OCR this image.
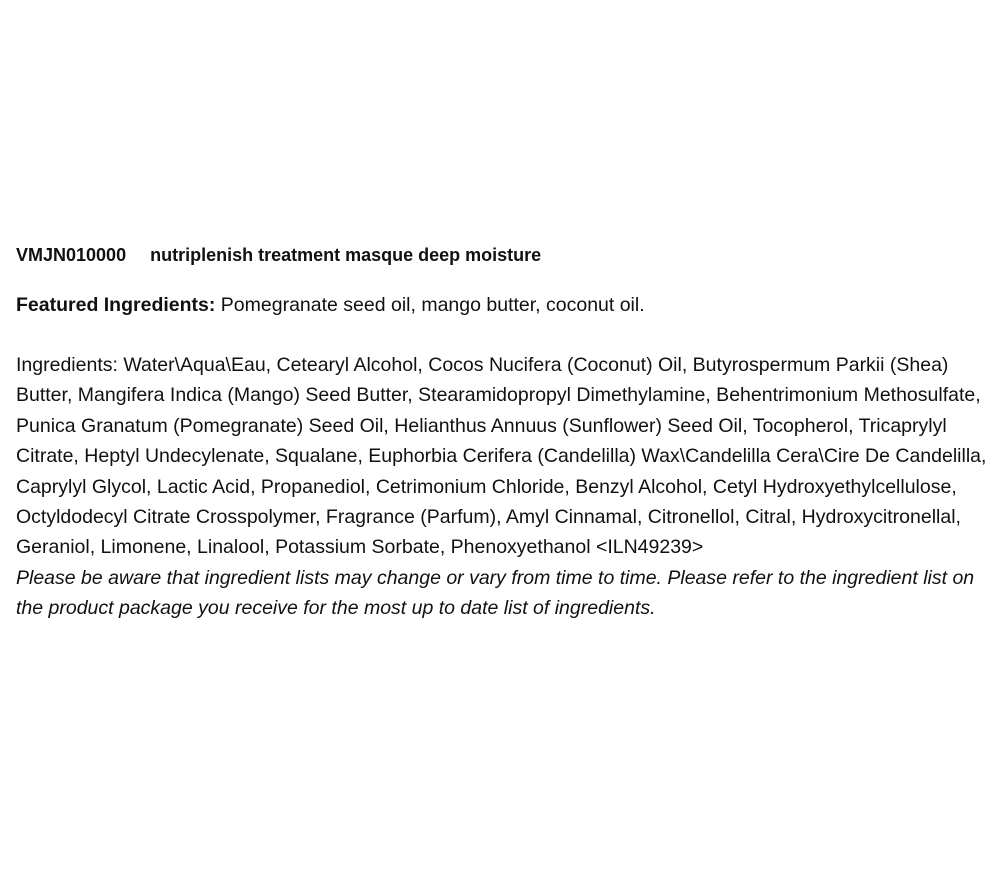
VMJN010000 nutriplenish treatment masque deep moisture

Featured Ingredients: Pomegranate seed oil, mango butter, coconut oil.

Ingredients: Water\Aqua\Eau, Cetearyl Alcohol, Cocos Nucifera (Coconut) Oil, Butyrospermum Parkii (Shea) Butter, Mangifera Indica (Mango) Seed Butter, Stearamidopropyl Dimethylamine, Behentrimonium Methosulfate, Punica Granatum (Pomegranate) Seed Oil, Helianthus Annuus (Sunflower) Seed Oil, Tocopherol, Tricaprylyl Citrate, Heptyl Undecylenate, Squalane, Euphorbia Cerifera (Candelilla) Wax\Candelilla Cera\Cire De Candelilla, Caprylyl Glycol, Lactic Acid, Propanediol, Cetrimonium Chloride, Benzyl Alcohol, Cetyl Hydroxyethylcellulose, Octyldodecyl Citrate Crosspolymer, Fragrance (Parfum), Amyl Cinnamal, Citronellol, Citral, Hydroxycitronellal, Geraniol, Limonene, Linalool, Potassium Sorbate, Phenoxyethanol <ILN49239>

Please be aware that ingredient lists may change or vary from time to time. Please refer to the ingredient list on the product package you receive for the most up to date list of ingredients.
